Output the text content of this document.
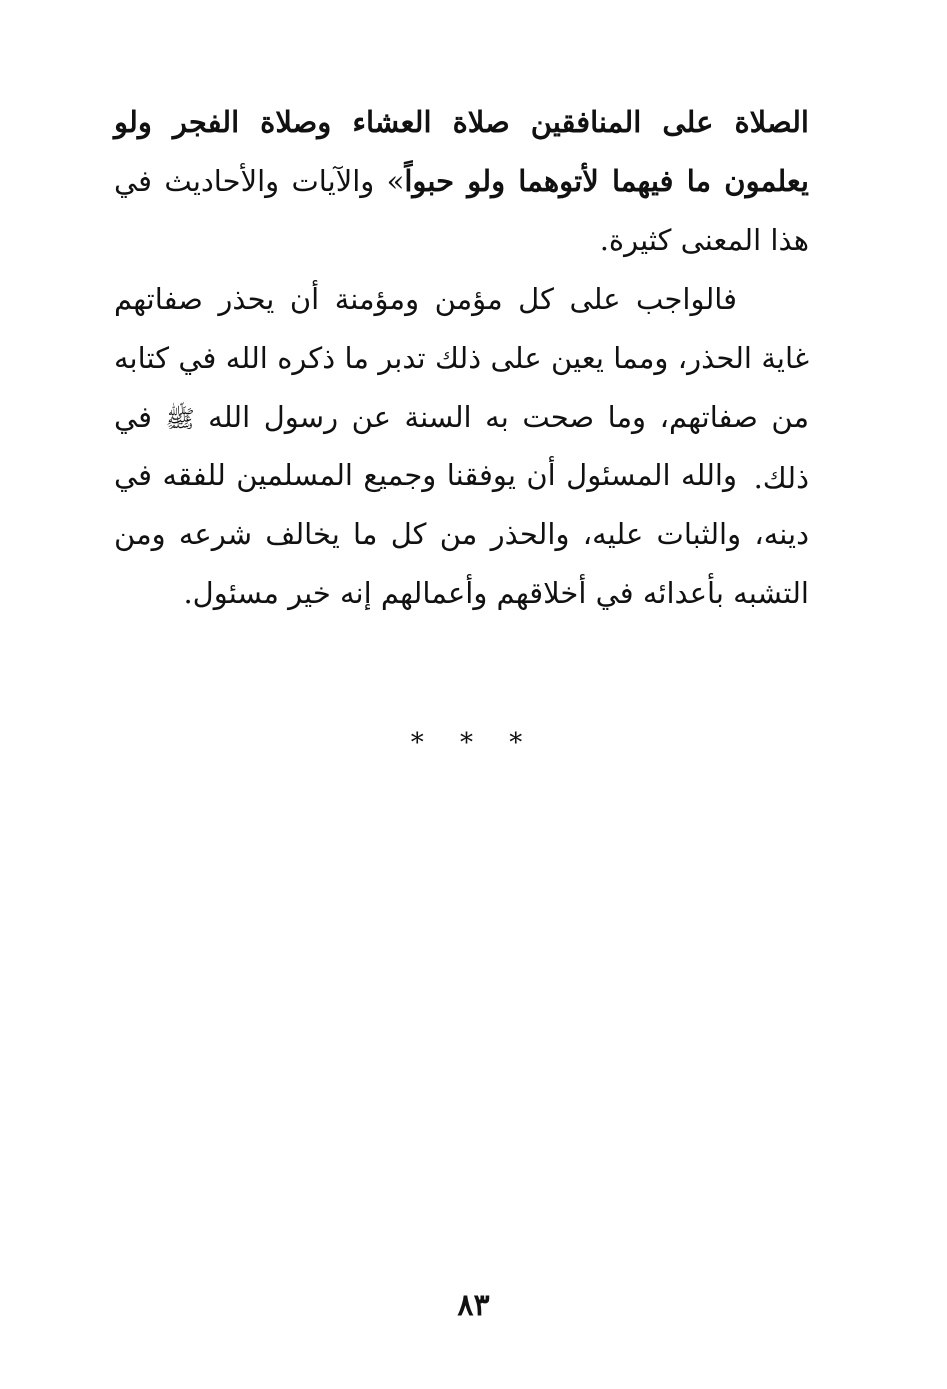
الصلاة على المنافقين صلاة العشاء وصلاة الفجر ولو يعلمون ما فيهما لأتوهما ولو حبواً» والآيات والأحاديث في هذا المعنى كثيرة.

فالواجب على كل مؤمن ومؤمنة أن يحذر صفاتهم غاية الحذر، ومما يعين على ذلك تدبر ما ذكره الله في كتابه من صفاتهم، وما صحت به السنة عن رسول الله ﷺ في ذلك.

والله المسئول أن يوفقنا وجميع المسلمين للفقه في دينه، والثبات عليه، والحذر من كل ما يخالف شرعه ومن التشبه بأعدائه في أخلاقهم وأعمالهم إنه خير مسئول.

* * *
٨٣
